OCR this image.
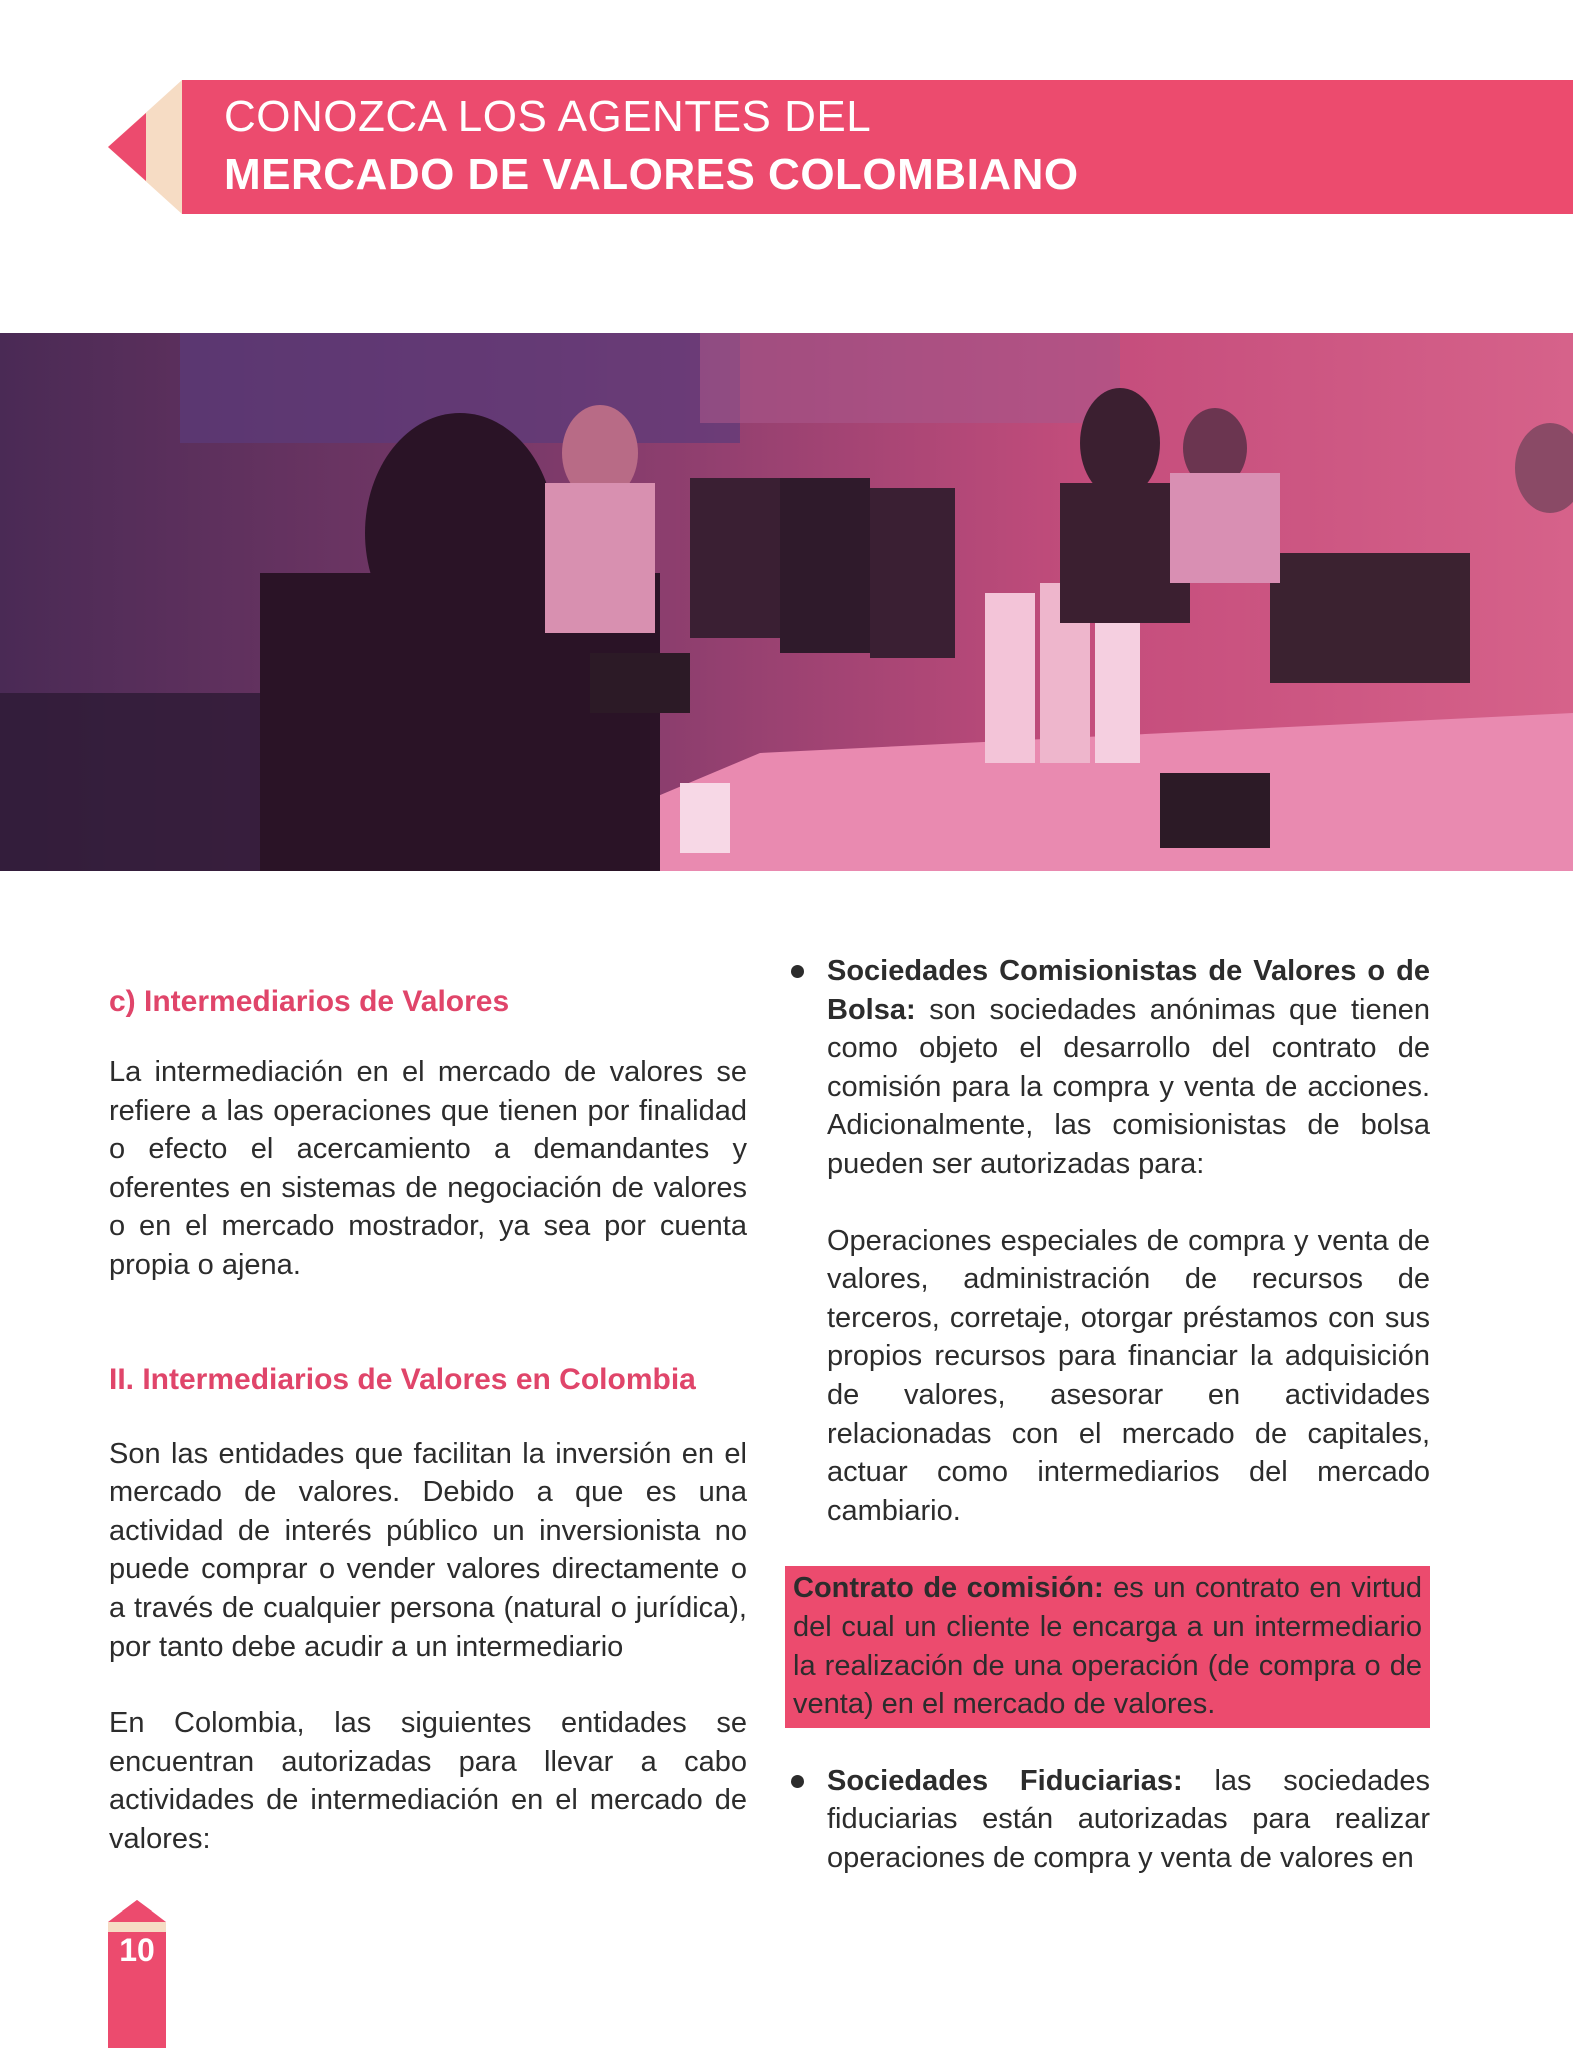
CONOZCA LOS AGENTES DEL
MERCADO DE VALORES COLOMBIANO
c) Intermediarios de Valores

La intermediación en el mercado de valores se refiere a las operaciones que tienen por finalidad o efecto el acercamiento a demandantes y oferentes en sistemas de negociación de valores o en el mercado mostrador, ya sea por cuenta propia o ajena.

II. Intermediarios de Valores en Colombia

Son las entidades que facilitan la inversión en el mercado de valores. Debido a que es una actividad de interés público un inversionista no puede comprar o vender valores directamente o a través de cualquier persona (natural o jurídica), por tanto debe acudir a un intermediario

En Colombia, las siguientes entidades se encuentran autorizadas para llevar a cabo actividades de intermediación en el mercado de valores:

Sociedades Comisionistas de Valores o de Bolsa: son sociedades anónimas que tienen como objeto el desarrollo del contrato de comisión para la compra y venta de acciones. Adicionalmente, las comisionistas de bolsa pueden ser autorizadas para:

Operaciones especiales de compra y venta de valores, administración de recursos de terceros, corretaje, otorgar préstamos con sus propios recursos para financiar la adquisición de valores, asesorar en actividades relacionadas con el mercado de capitales, actuar como intermediarios del mercado cambiario.

Contrato de comisión: es un contrato en virtud del cual un cliente le encarga a un intermediario la realización de una operación (de compra o de venta) en el mercado de valores.

Sociedades Fiduciarias: las sociedades fiduciarias están autorizadas para realizar operaciones de compra y venta de valores en

10
